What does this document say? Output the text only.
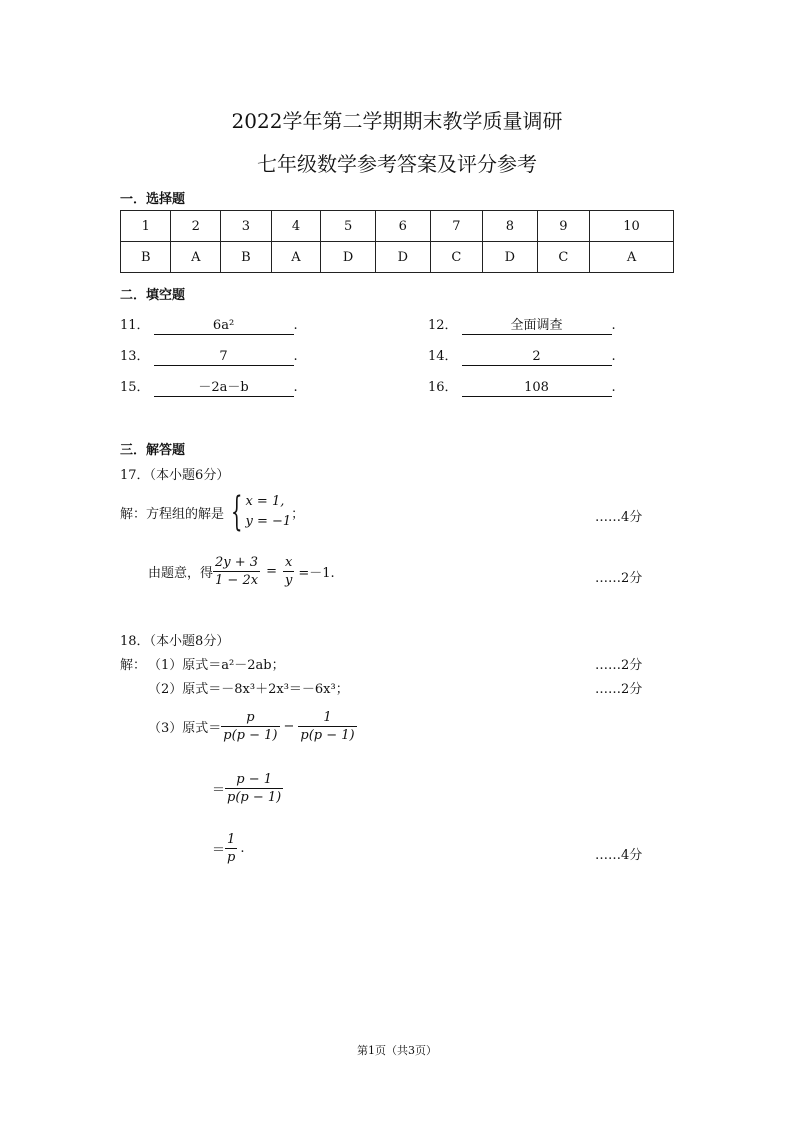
2022学年第二学期期末教学质量调研
七年级数学参考答案及评分参考
一．选择题
1	2	3	4	5	6	7	8	9	10
B	A	B	A	D	D	C	D	C	A
二．填空题
11．	6a²	.	12．	全面调查	.
13．	7	.	14．	2	.
15．	－2a－b	.	16．	108	.
三．解答题
17．（本小题6分）
解：方程组的解是 { x = 1,
y = −1 ；	……4分
由题意，得 $\frac{2y + 3}{1 - 2x} = \frac{x}{y} =-1$.	……2分
18．（本小题8分）
解： （1）原式＝a²－2ab；	……2分
（2）原式＝－8x³＋2x³＝－6x³；	……2分
（3）原式＝ $\frac{p}{p(p - 1)} - \frac{1}{p(p - 1)}$
＝ $\frac{p - 1}{p(p - 1)}$
＝ $\frac{1}{p}$ .	……4分
第1页（共3页）
